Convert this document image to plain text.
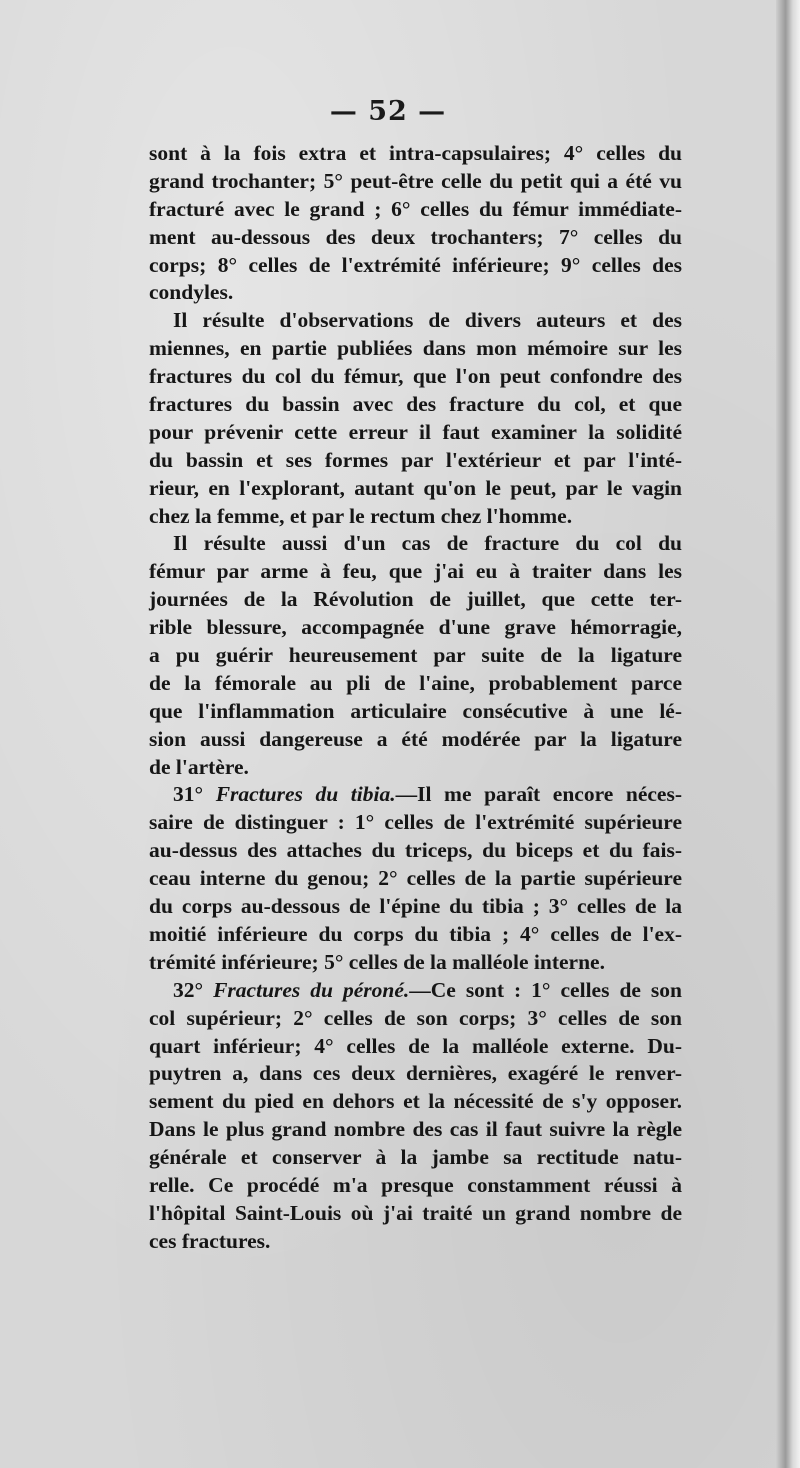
— 52 —
sont à la fois extra et intra-capsulaires; 4° celles du
grand trochanter; 5° peut-être celle du petit qui a été vu
fracturé avec le grand ; 6° celles du fémur immédiate-
ment au-dessous des deux trochanters; 7° celles du
corps; 8° celles de l'extrémité inférieure; 9° celles des
condyles.
Il résulte d'observations de divers auteurs et des
miennes, en partie publiées dans mon mémoire sur les
fractures du col du fémur, que l'on peut confondre des
fractures du bassin avec des fracture du col, et que
pour prévenir cette erreur il faut examiner la solidité
du bassin et ses formes par l'extérieur et par l'inté-
rieur, en l'explorant, autant qu'on le peut, par le vagin
chez la femme, et par le rectum chez l'homme.
Il résulte aussi d'un cas de fracture du col du
fémur par arme à feu, que j'ai eu à traiter dans les
journées de la Révolution de juillet, que cette ter-
rible blessure, accompagnée d'une grave hémorragie,
a pu guérir heureusement par suite de la ligature
de la fémorale au pli de l'aine, probablement parce
que l'inflammation articulaire consécutive à une lé-
sion aussi dangereuse a été modérée par la ligature
de l'artère.
31° Fractures du tibia.—Il me paraît encore néces-
saire de distinguer : 1° celles de l'extrémité supérieure
au-dessus des attaches du triceps, du biceps et du fais-
ceau interne du genou; 2° celles de la partie supérieure
du corps au-dessous de l'épine du tibia ; 3° celles de la
moitié inférieure du corps du tibia ; 4° celles de l'ex-
trémité inférieure; 5° celles de la malléole interne.
32° Fractures du péroné.—Ce sont : 1° celles de son
col supérieur; 2° celles de son corps; 3° celles de son
quart inférieur; 4° celles de la malléole externe. Du-
puytren a, dans ces deux dernières, exagéré le renver-
sement du pied en dehors et la nécessité de s'y opposer.
Dans le plus grand nombre des cas il faut suivre la règle
générale et conserver à la jambe sa rectitude natu-
relle. Ce procédé m'a presque constamment réussi à
l'hôpital Saint-Louis où j'ai traité un grand nombre de
ces fractures.
